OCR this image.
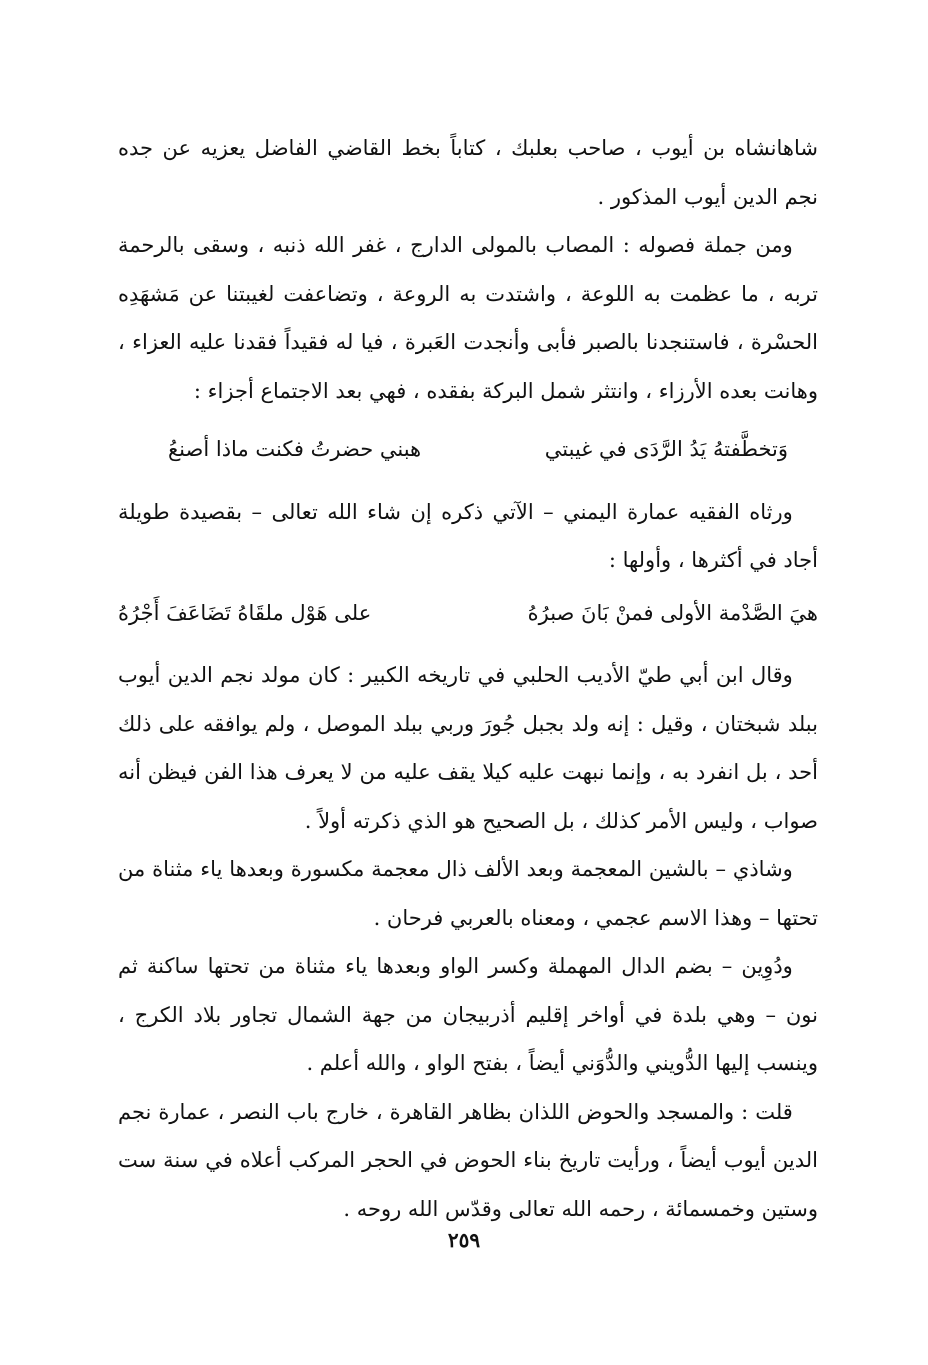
شاهانشاه بن أيوب ، صاحب بعلبك ، كتاباً بخط القاضي الفاضل يعزيه عن جده نجم الدين أيوب المذكور .

ومن جملة فصوله : المصاب بالمولى الدارج ، غفر الله ذنبه ، وسقى بالرحمة تربه ، ما عظمت به اللوعة ، واشتدت به الروعة ، وتضاعفت لغيبتنا عن مَشهَدِه الحسْرة ، فاستنجدنا بالصبر فأبى وأنجدت العَبرة ، فيا له فقيداً فقدنا عليه العزاء ، وهانت بعده الأرزاء ، وانتثر شمل البركة بفقده ، فهي بعد الاجتماع أجزاء :

وَتخطَّفتهُ يَدُ الرَّدَى في غيبتي
هبني حضرتُ فكنت ماذا أصنعُ

ورثاه الفقيه عمارة اليمني – الآتي ذكره إن شاء الله تعالى – بقصيدة طويلة أجاد في أكثرها ، وأولها :

هيَ الصَّدْمة الأولى فمنْ بَانَ صبرُهُ
على هَوْل ملقَاهُ تَضَاعَفَ أَجْرُهُ

وقال ابن أبي طيّ الأديب الحلبي في تاريخه الكبير : كان مولد نجم الدين أيوب ببلد شبختان ، وقيل : إنه ولد بجبل جُورَ وربي ببلد الموصل ، ولم يوافقه على ذلك أحد ، بل انفرد به ، وإنما نبهت عليه كيلا يقف عليه من لا يعرف هذا الفن فيظن أنه صواب ، وليس الأمر كذلك ، بل الصحيح هو الذي ذكرته أولاً .

وشاذي – بالشين المعجمة وبعد الألف ذال معجمة مكسورة وبعدها ياء مثناة من تحتها – وهذا الاسم عجمي ، ومعناه بالعربي فرحان .

ودُوِين – بضم الدال المهملة وكسر الواو وبعدها ياء مثناة من تحتها ساكنة ثم نون – وهي بلدة في أواخر إقليم أذربيجان من جهة الشمال تجاور بلاد الكرج ، وينسب إليها الدُّويني والدُّوَني أيضاً ، بفتح الواو ، والله أعلم .

قلت : والمسجد والحوض اللذان بظاهر القاهرة ، خارج باب النصر ، عمارة نجم الدين أيوب أيضاً ، ورأيت تاريخ بناء الحوض في الحجر المركب أعلاه في سنة ست وستين وخمسمائة ، رحمه الله تعالى وقدّس الله روحه .

٢٥٩
